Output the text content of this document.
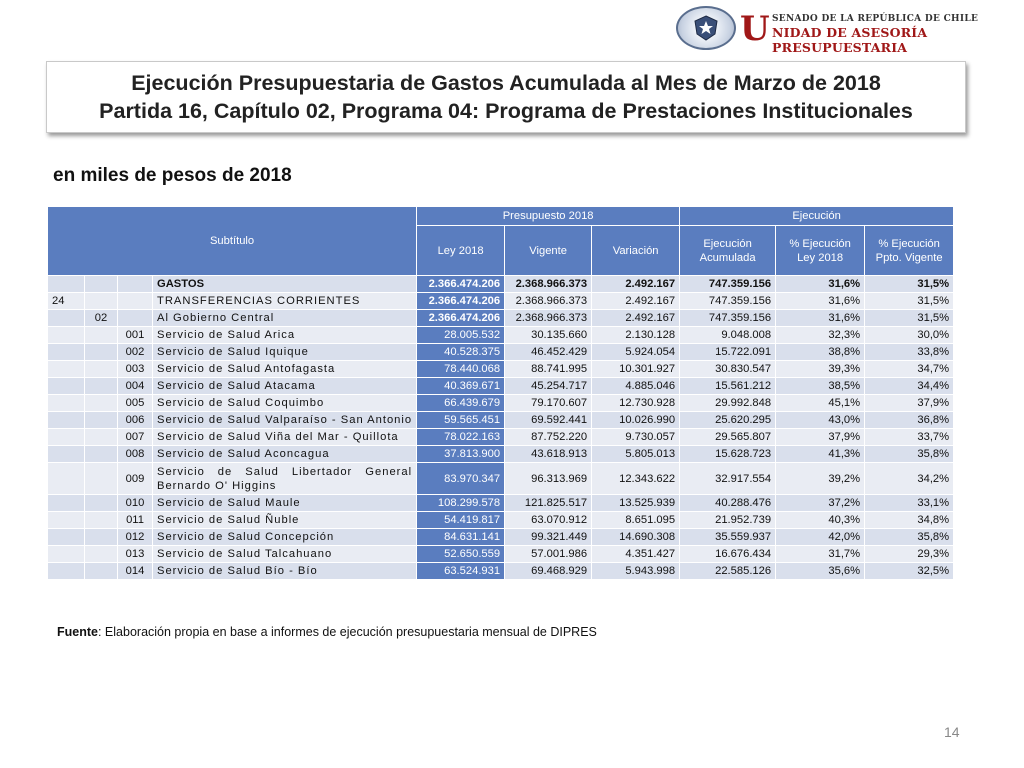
U SENADO DE LA REPÚBLICA DE CHILE
NIDAD DE ASESORÍA PRESUPUESTARIA
Ejecución Presupuestaria de Gastos Acumulada al Mes de Marzo de 2018
Partida 16, Capítulo 02, Programa 04: Programa de Prestaciones Institucionales
en miles de pesos de 2018
Subtítulo				Presupuesto 2018			Ejecución		
				Ley 2018	Vigente	Variación	Ejecución Acumulada	% Ejecución Ley 2018	% Ejecución Ppto. Vigente
			GASTOS	2.366.474.206	2.368.966.373	2.492.167	747.359.156	31,6%	31,5%
24			TRANSFERENCIAS CORRIENTES	2.366.474.206	2.368.966.373	2.492.167	747.359.156	31,6%	31,5%
	02		Al Gobierno Central	2.366.474.206	2.368.966.373	2.492.167	747.359.156	31,6%	31,5%
		001	Servicio de Salud Arica	28.005.532	30.135.660	2.130.128	9.048.008	32,3%	30,0%
		002	Servicio de Salud Iquique	40.528.375	46.452.429	5.924.054	15.722.091	38,8%	33,8%
		003	Servicio de Salud Antofagasta	78.440.068	88.741.995	10.301.927	30.830.547	39,3%	34,7%
		004	Servicio de Salud Atacama	40.369.671	45.254.717	4.885.046	15.561.212	38,5%	34,4%
		005	Servicio de Salud Coquimbo	66.439.679	79.170.607	12.730.928	29.992.848	45,1%	37,9%
		006	Servicio de Salud Valparaíso - San Antonio	59.565.451	69.592.441	10.026.990	25.620.295	43,0%	36,8%
		007	Servicio de Salud Viña del Mar - Quillota	78.022.163	87.752.220	9.730.057	29.565.807	37,9%	33,7%
		008	Servicio de Salud Aconcagua	37.813.900	43.618.913	5.805.013	15.628.723	41,3%	35,8%
		009	Servicio de Salud Libertador General Bernardo O' Higgins	83.970.347	96.313.969	12.343.622	32.917.554	39,2%	34,2%
		010	Servicio de Salud Maule	108.299.578	121.825.517	13.525.939	40.288.476	37,2%	33,1%
		011	Servicio de Salud Ñuble	54.419.817	63.070.912	8.651.095	21.952.739	40,3%	34,8%
		012	Servicio de Salud Concepción	84.631.141	99.321.449	14.690.308	35.559.937	42,0%	35,8%
		013	Servicio de Salud Talcahuano	52.650.559	57.001.986	4.351.427	16.676.434	31,7%	29,3%
		014	Servicio de Salud Bío - Bío	63.524.931	69.468.929	5.943.998	22.585.126	35,6%	32,5%
Fuente: Elaboración propia en base a informes de ejecución presupuestaria mensual de DIPRES
14
